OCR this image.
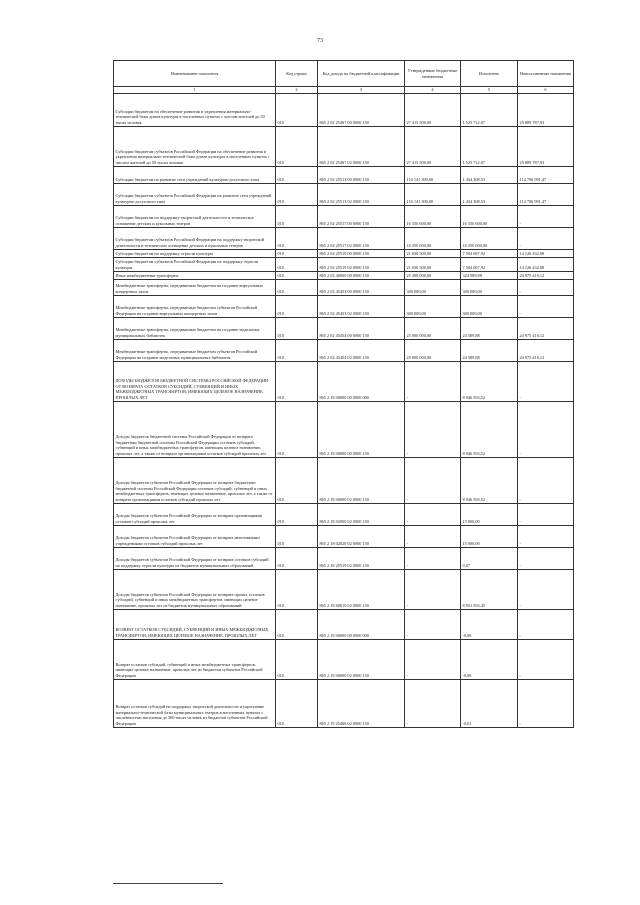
73
Наименование показателя	Код строки	Код дохода по бюджетной классификации	Утвержденные бюджетные назначения	Исполнено	Неисполненные назначения
1	2	3	4	5	6
Субсидии бюджетам на обеспечение развития и укрепления материально-технической базы домов культуры в населенных пунктах с числом жителей до 50 тысяч человек	010	865 2 02 25467 00 0000 150	27 415 500,00	1 525 712,07	25 889 787,93
Субсидии бюджетам субъектов Российской Федерации на обеспечение развития и укрепления материально-технической базы домов культуры в населенных пунктах с числом жителей до 50 тысяч человек	010	865 2 02 25467 02 0000 150	27 415 500,00	1 525 712,07	25 889 787,93
Субсидии бюджетам на развитие сети учреждений культурно-досугового типа	010	865 2 02 25513 00 0000 150	116 141 300,00	1 434 308,53	114 706 991,47
Субсидии бюджетам субъектов Российской Федерации на развитие сети учреждений культурно-досугового типа	010	865 2 02 25513 02 0000 150	116 141 300,00	1 434 308,53	114 706 991,47
Субсидии бюджетам на поддержку творческой деятельности и техническое оснащение детских и кукольных театров	010	865 2 02 25517 00 0000 150	16 350 600,00	16 350 600,00	-
Субсидии бюджетам субъектов Российской Федерации на поддержку творческой деятельности и техническое оснащение детских и кукольных театров	010	865 2 02 25517 02 0000 150	16 350 600,00	16 350 600,00	-
Субсидии бюджетам на поддержку отрасли культуры	010	865 2 02 25519 00 0000 150	21 630 500,00	7 504 067,92	14 126 432,08
Субсидии бюджетам субъектов Российской Федерации на поддержку отрасли культуры	010	865 2 02 25519 02 0000 150	21 630 500,00	7 504 067,92	14 126 432,08
Иные межбюджетные трансферты	010	865 2 02 40000 00 0000 150	25 300 000,00	324 589,88	24 975 410,12
Межбюджетные трансферты, передаваемые бюджетам на создание виртуальных концертных залов	010	865 2 02 45453 00 0000 150	300 000,00	300 000,00	-
Межбюджетные трансферты, передаваемые бюджетам субъектов Российской Федерации на создание виртуальных концертных залов	010	865 2 02 45453 02 0000 150	300 000,00	300 000,00	-
Межбюджетные трансферты, передаваемые бюджетам на создание модельных муниципальных библиотек	010	865 2 02 45454 00 0000 150	25 000 000,00	24 589,88	24 975 410,12
Межбюджетные трансферты, передаваемые бюджетам субъектов Российской Федерации на создание модельных муниципальных библиотек	010	865 2 02 45454 02 0000 150	25 000 000,00	24 589,88	24 975 410,12
ДОХОДЫ БЮДЖЕТОВ БЮДЖЕТНОЙ СИСТЕМЫ РОССИЙСКОЙ ФЕДЕРАЦИИ ОТ ВОЗВРАТА ОСТАТКОВ СУБСИДИЙ, СУБВЕНЦИЙ И ИНЫХ МЕЖБЮДЖЕТНЫХ ТРАНСФЕРТОВ, ИМЕЮЩИХ ЦЕЛЕВОЕ НАЗНАЧЕНИЕ, ПРОШЛЫХ ЛЕТ	010	865 2 18 00000 00 0000 000	-	8 946 393,52	-
Доходы бюджетов бюджетной системы Российской Федерации от возврата бюджетами бюджетной системы Российской Федерации остатков субсидий, субвенций и иных межбюджетных трансфертов, имеющих целевое назначение, прошлых лет, а также от возврата организациями остатков субсидий прошлых лет	010	865 2 18 00000 00 0000 150	-	8 946 393,52	-
Доходы бюджетов субъектов Российской Федерации от возврата бюджетами бюджетной системы Российской Федерации остатков субсидий, субвенций и иных межбюджетных трансфертов, имеющих целевое назначение, прошлых лет, а также от возврата организациями остатков субсидий прошлых лет	010	865 2 18 00000 02 0000 150	-	8 946 393,52	-
Доходы бюджетов субъектов Российской Федерации от возврата организациями остатков субсидий прошлых лет	010	865 2 18 02000 02 0000 150	-	15 000,00	-
Доходы бюджетов субъектов Российской Федерации от возврата автономными учреждениями остатков субсидий прошлых лет	010	865 2 18 02020 02 0000 150	-	15 000,00	-
Доходы бюджетов субъектов Российской Федерации от возврата остатков субсидий на поддержку отрасли культуры из бюджетов муниципальных образований	010	865 2 18 25519 02 0000 150	-	0,07	-
Доходы бюджетов субъектов Российской Федерации от возврата прочих остатков субсидий, субвенций и иных межбюджетных трансфертов, имеющих целевое назначение, прошлых лет из бюджетов муниципальных образований	010	865 2 18 60010 02 0000 150	-	8 931 393,45	-
ВОЗВРАТ ОСТАТКОВ СУБСИДИЙ, СУБВЕНЦИЙ И ИНЫХ МЕЖБЮДЖЕТНЫХ ТРАНСФЕРТОВ, ИМЕЮЩИХ ЦЕЛЕВОЕ НАЗНАЧЕНИЕ, ПРОШЛЫХ ЛЕТ	010	865 2 19 00000 00 0000 000	-	-0,08	-
Возврат остатков субсидий, субвенций и иных межбюджетных трансфертов, имеющих целевое назначение, прошлых лет из бюджетов субъектов Российской Федерации	010	865 2 19 00000 02 0000 150	-	-0,08	-
Возврат остатков субсидий на поддержку творческой деятельности и укрепление материально-технической базы муниципальных театров в населенных пунктах с численностью населения до 300 тысяч человек из бюджетов субъектов Российской Федерации	010	865 2 19 25466 02 0000 150	-	-0,01	-
